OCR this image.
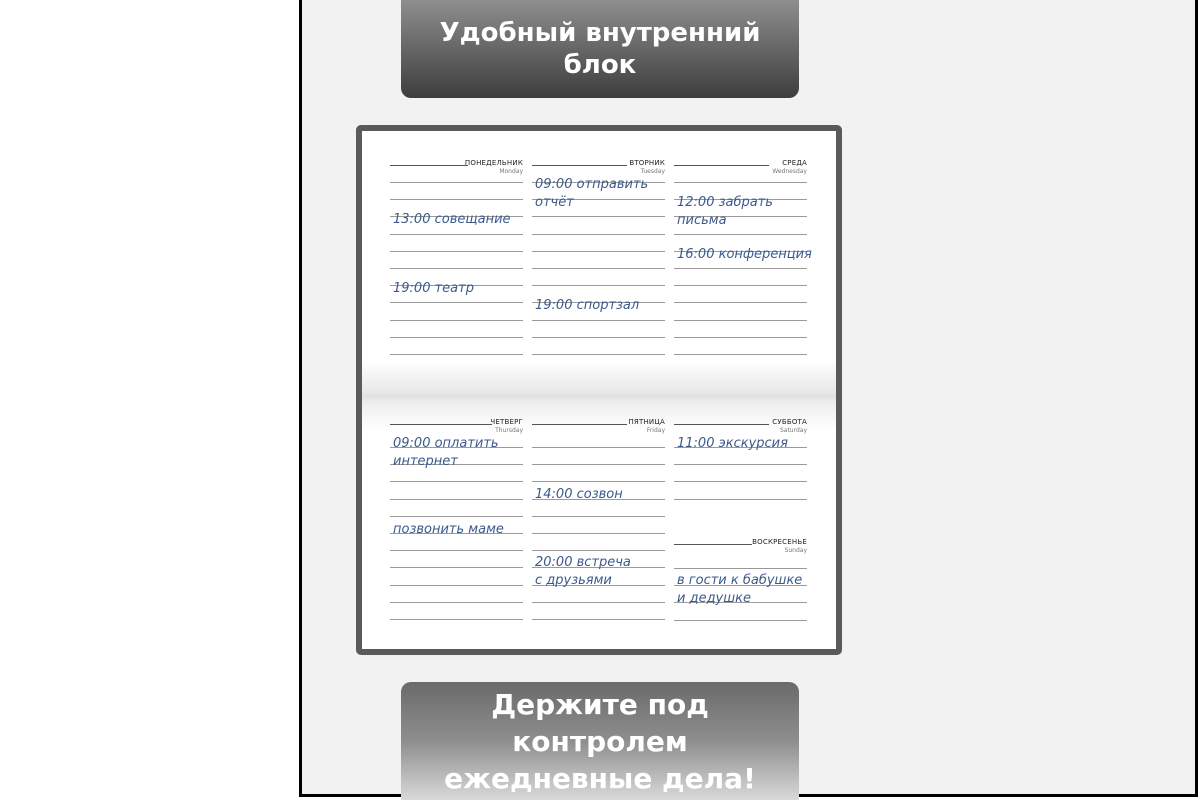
Удобный внутренний
блок
ПОНЕДЕЛЬНИК
Monday
ВТОРНИК
Tuesday
СРЕДА
Wednesday
ЧЕТВЕРГ
Thursday
ПЯТНИЦА
Friday
СУББОТА
Saturday
ВОСКРЕСЕНЬЕ
Sunday
13:00 совещание
19:00 театр
09:00 отправить
отчёт
19:00 спортзал
12:00 забрать
письма
16:00 конференция
09:00 оплатить
интернет
позвонить маме
14:00 созвон
20:00 встреча
с друзьями
11:00 экскурсия
в гости к бабушке
и дедушке
Держите под контролем
ежедневные дела!
